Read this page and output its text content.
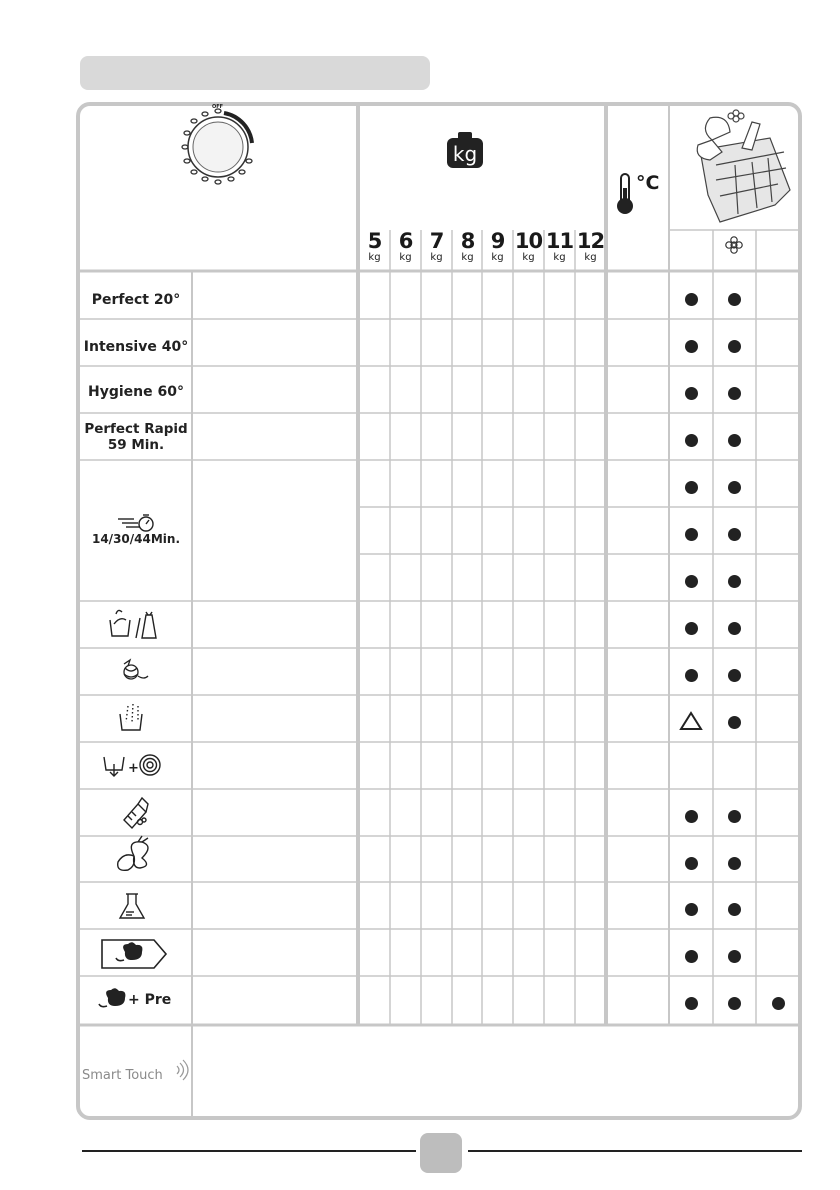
OFF
+
kg
°C
5
kg
6
kg
7
kg
8
kg
9
kg
10
kg
11
kg
12
kg
Perfect 20°
Intensive 40°
Hygiene 60°
Perfect Rapid
59 Min.
14/30/44Min.
+ Pre
Smart Touch
